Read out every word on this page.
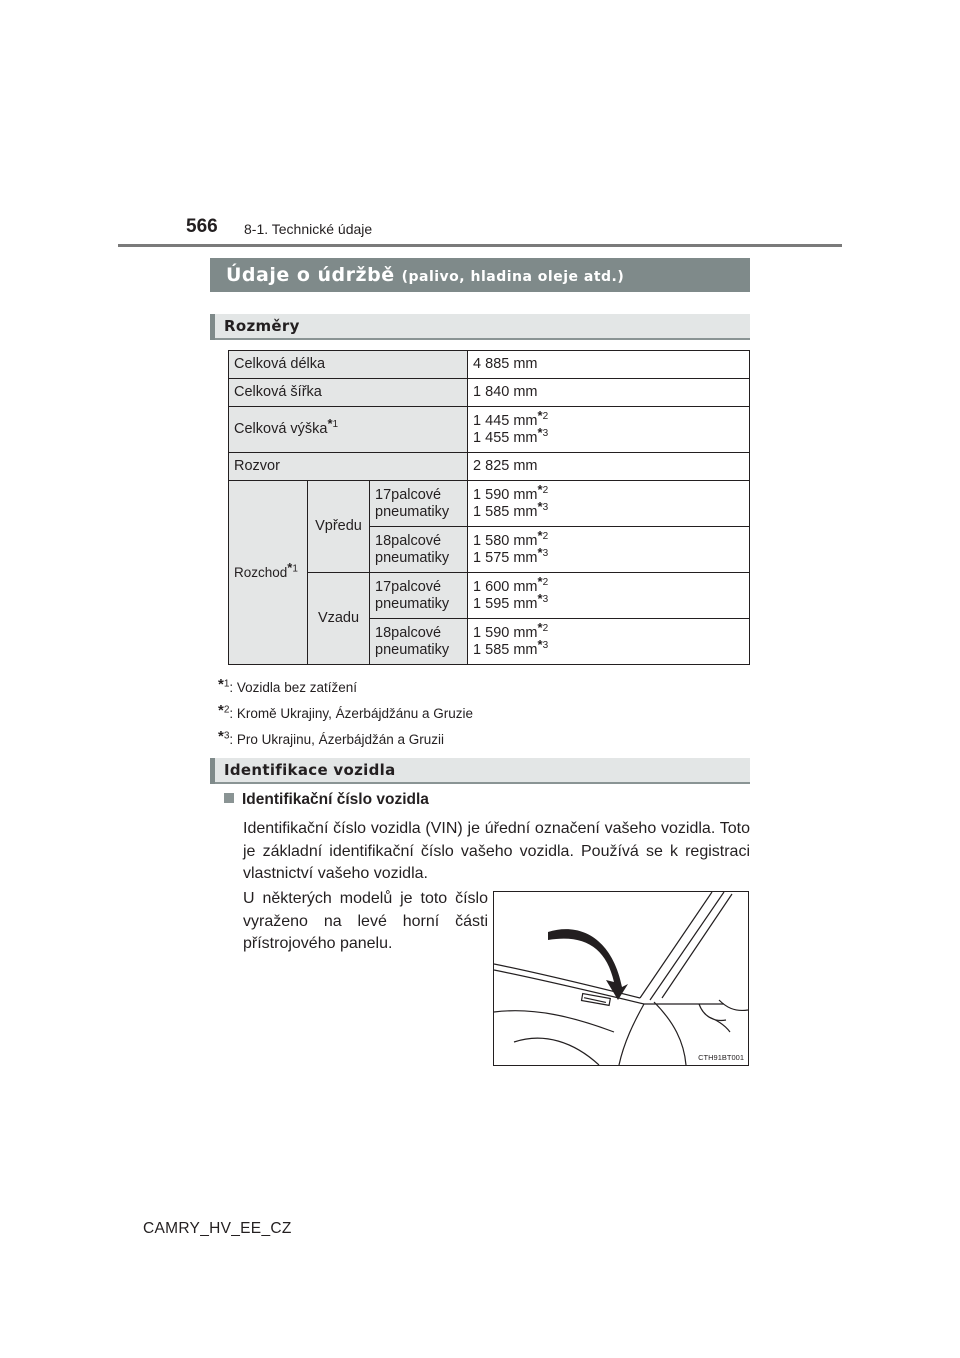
566 8-1. Technické údaje
Údaje o údržbě (palivo, hladina oleje atd.)
Rozměry
Celková délka			4 885 mm
Celková šířka			1 840 mm
Celková výška*$^1$			1 445 mm*$^2$
1 455 mm*$^3$
Rozvor			2 825 mm
Rozchod*$^1$	Vpředu	17palcové pneumatiky	1 590 mm*$^2$
1 585 mm*$^3$
		18palcové pneumatiky	1 580 mm*$^2$
1 575 mm*$^3$
	Vzadu	17palcové pneumatiky	1 600 mm*$^2$
1 595 mm*$^3$
		18palcové pneumatiky	1 590 mm*$^2$
1 585 mm*$^3$
*$^1$: Vozidla bez zatížení
*$^2$: Kromě Ukrajiny, Ázerbájdžánu a Gruzie
*$^3$: Pro Ukrajinu, Ázerbájdžán a Gruzii
Identifikace vozidla
Identifikační číslo vozidla
Identifikační číslo vozidla (VIN) je úřední označení vašeho vozidla. Toto je základní identifikační číslo vašeho vozidla. Používá se k registraci vlastnictví vašeho vozidla.
U některých modelů je toto číslo vyraženo na levé horní části přístrojového panelu.
CTH91BT001
CAMRY_HV_EE_CZ
